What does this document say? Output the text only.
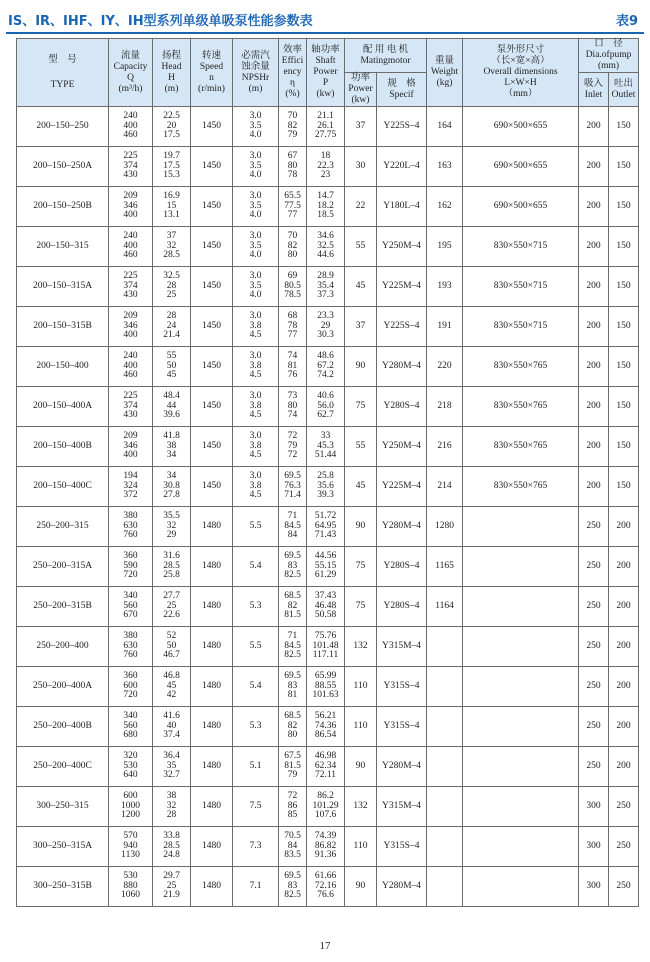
IS、IR、IHF、IY、IH型系列单级单吸泵性能参数表	表9
型　号
TYPE	流量
Capacity
Q
(m³/h)	扬程
Head
H
(m)	转速
Speed
n
(r/min)	必需汽
蚀余量
NPSHr
(m)	效率
Effici
ency
η
(%)	轴功率
Shaft
Power
P
(kw)	配 用 电 机
Matingmotor		重量
Weight
(kg)	泵外形尺寸
（长×宽×高）
Overall dimensions
L×W×H
（mm）	口　径
Dia.ofpump
(mm)	

							功率
Power
(kw)	规　格
Specif			吸入
Inlet	吐出
Outlet

200–150–250	240
400
460	22.5
20
17.5	1450	3.0
3.5
4.0	70
82
79	21.1
26.1
27.75	37	Y225S–4	164	690×500×655	200	150
200–150–250A	225
374
430	19.7
17.5
15.3	1450	3.0
3.5
4.0	67
80
78	18
22.3
23	30	Y220L–4	163	690×500×655	200	150
200–150–250B	209
346
400	16.9
15
13.1	1450	3.0
3.5
4.0	65.5
77.5
77	14.7
18.2
18.5	22	Y180L–4	162	690×500×655	200	150
200–150–315	240
400
460	37
32
28.5	1450	3.0
3.5
4.0	70
82
80	34.6
32.5
44.6	55	Y250M–4	195	830×550×715	200	150
200–150–315A	225
374
430	32.5
28
25	1450	3.0
3.5
4.0	69
80.5
78.5	28.9
35.4
37.3	45	Y225M–4	193	830×550×715	200	150
200–150–315B	209
346
400	28
24
21.4	1450	3.0
3.8
4.5	68
78
77	23.3
29
30.3	37	Y225S–4	191	830×550×715	200	150
200–150–400	240
400
460	55
50
45	1450	3.0
3.8
4.5	74
81
76	48.6
67.2
74.2	90	Y280M–4	220	830×550×765	200	150
200–150–400A	225
374
430	48.4
44
39.6	1450	3.0
3.8
4.5	73
80
74	40.6
56.0
62.7	75	Y280S–4	218	830×550×765	200	150
200–150–400B	209
346
400	41.8
38
34	1450	3.0
3.8
4.5	72
79
72	33
45.3
51.44	55	Y250M–4	216	830×550×765	200	150
200–150–400C	194
324
372	34
30.8
27.8	1450	3.0
3.8
4.5	69.5
76.3
71.4	25.8
35.6
39.3	45	Y225M–4	214	830×550×765	200	150
250–200–315	380
630
760	35.5
32
29	1480	5.5	71
84.5
84	51.72
64.95
71.43	90	Y280M–4	1280		250	200
250–200–315A	360
590
720	31.6
28.5
25.8	1480	5.4	69.5
83
82.5	44.56
55.15
61.29	75	Y280S–4	1165		250	200
250–200–315B	340
560
670	27.7
25
22.6	1480	5.3	68.5
82
81.5	37.43
46.48
50.58	75	Y280S–4	1164		250	200
250–200–400	380
630
760	52
50
46.7	1480	5.5	71
84.5
82.5	75.76
101.48
117.11	132	Y315M–4			250	200
250–200–400A	360
600
720	46.8
45
42	1480	5.4	69.5
83
81	65.99
88.55
101.63	110	Y315S–4			250	200
250–200–400B	340
560
680	41.6
40
37.4	1480	5.3	68.5
82
80	56.21
74.36
86.54	110	Y315S–4			250	200
250–200–400C	320
530
640	36.4
35
32.7	1480	5.1	67.5
81.5
79	46.98
62.34
72.11	90	Y280M–4			250	200
300–250–315	600
1000
1200	38
32
28	1480	7.5	72
86
85	86.2
101.29
107.6	132	Y315M–4			300	250
300–250–315A	570
940
1130	33.8
28.5
24.8	1480	7.3	70.5
84
83.5	74.39
86.82
91.36	110	Y315S–4			300	250
300–250–315B	530
880
1060	29.7
25
21.9	1480	7.1	69.5
83
82.5	61.66
72.16
76.6	90	Y280M–4			300	250
17
